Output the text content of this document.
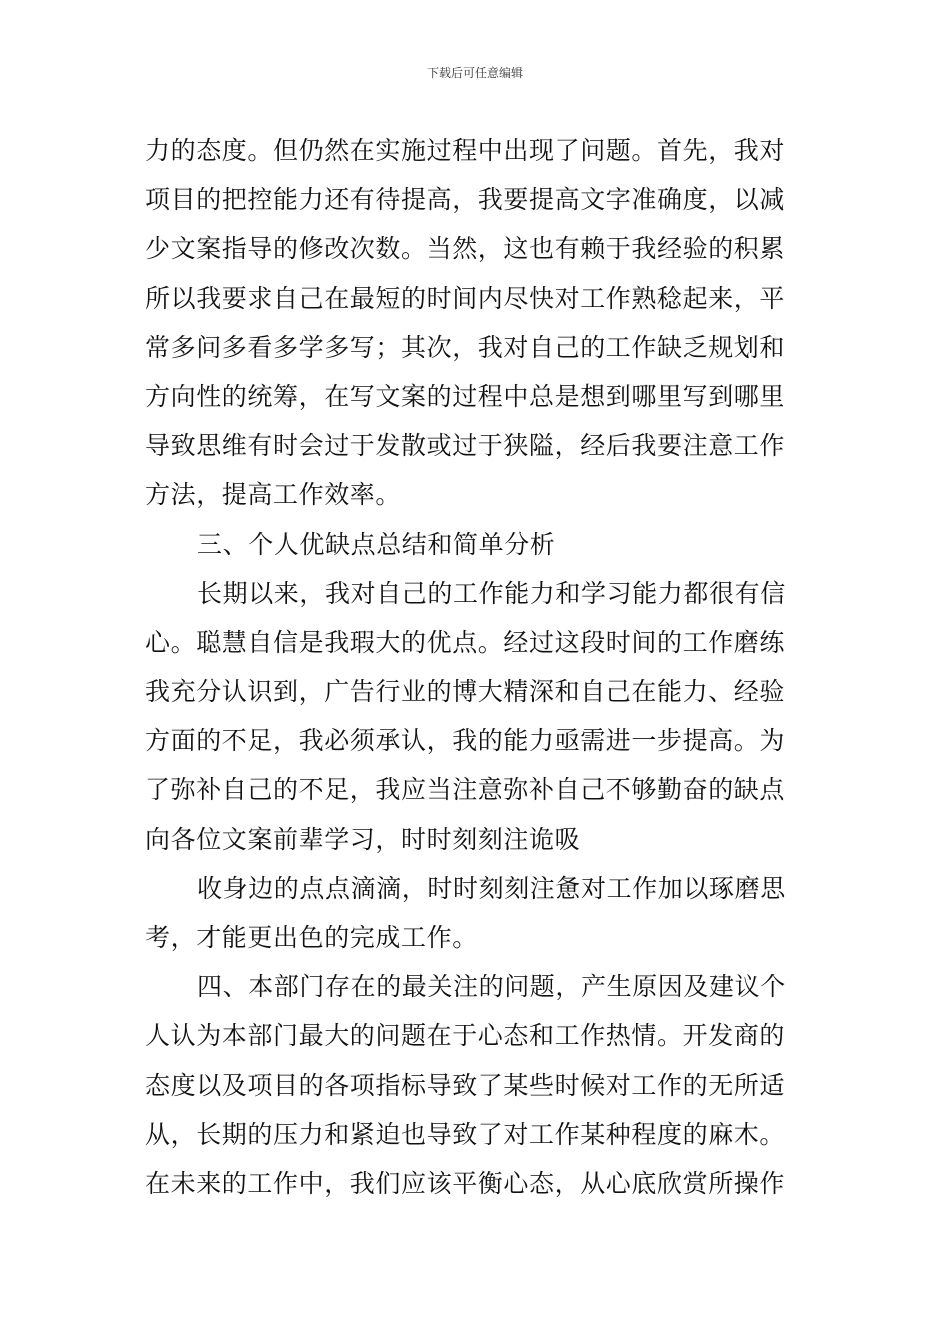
下载后可任意编辑
力的态度。但仍然在实施过程中出现了问题。首先，我对
项目的把控能力还有待提高，我要提高文字准确度，以减
少文案指导的修改次数。当然，这也有赖于我经验的积累
所以我要求自己在最短的时间内尽快对工作熟稔起来，平
常多问多看多学多写；其次，我对自己的工作缺乏规划和
方向性的统筹，在写文案的过程中总是想到哪里写到哪里
导致思维有时会过于发散或过于狭隘，经后我要注意工作
方法，提高工作效率。
三、个人优缺点总结和简单分析
长期以来，我对自己的工作能力和学习能力都很有信
心。聪慧自信是我瑕大的优点。经过这段时间的工作磨练
我充分认识到，广告行业的博大精深和自己在能力、经验
方面的不足，我必须承认，我的能力亟需进一步提高。为
了弥补自己的不足，我应当注意弥补自己不够勤奋的缺点
向各位文案前辈学习，时时刻刻注诡吸
收身边的点点滴滴，时时刻刻注惫对工作加以琢磨思
考，才能更出色的完成工作。
四、本部门存在的最关注的问题，产生原因及建议个
人认为本部门最大的问题在于心态和工作热情。开发商的
态度以及项目的各项指标导致了某些时候对工作的无所适
从，长期的压力和紧迫也导致了对工作某种程度的麻木。
在未来的工作中，我们应该平衡心态，从心底欣赏所操作
